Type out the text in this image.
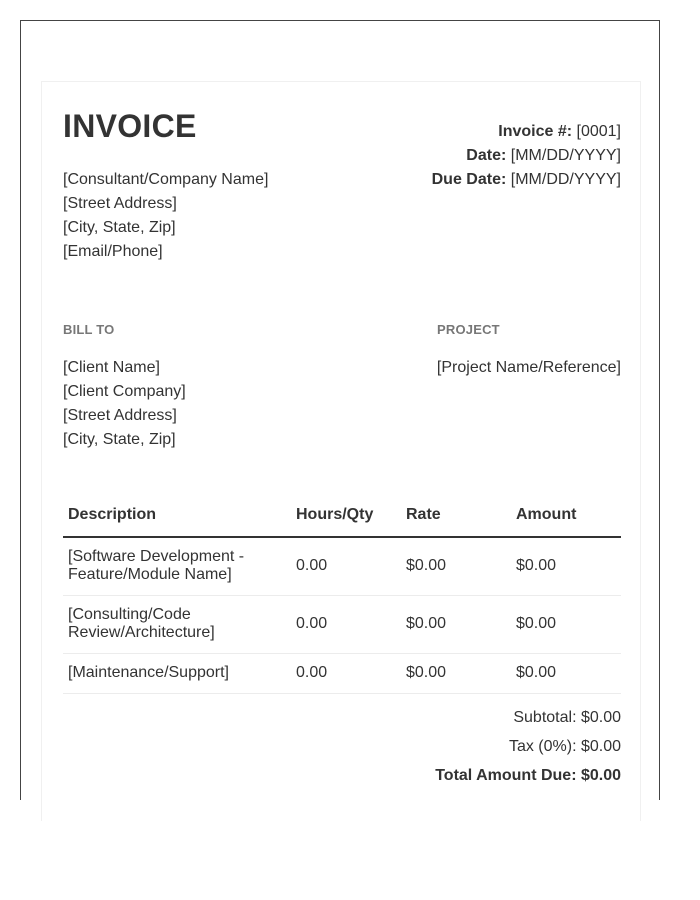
INVOICE
[Consultant/Company Name]
[Street Address]
[City, State, Zip]
[Email/Phone]
Invoice #: [0001]
Date: [MM/DD/YYYY]
Due Date: [MM/DD/YYYY]
BILL TO	PROJECT
[Client Name]
[Client Company]
[Street Address]
[City, State, Zip]
[Project Name/Reference]
Description	Hours/Qty	Rate	Amount
[Software Development - Feature/Module Name]	0.00	$0.00	$0.00
[Consulting/Code Review/Architecture]	0.00	$0.00	$0.00
[Maintenance/Support]	0.00	$0.00	$0.00
Subtotal: $0.00
Tax (0%): $0.00
Total Amount Due: $0.00
